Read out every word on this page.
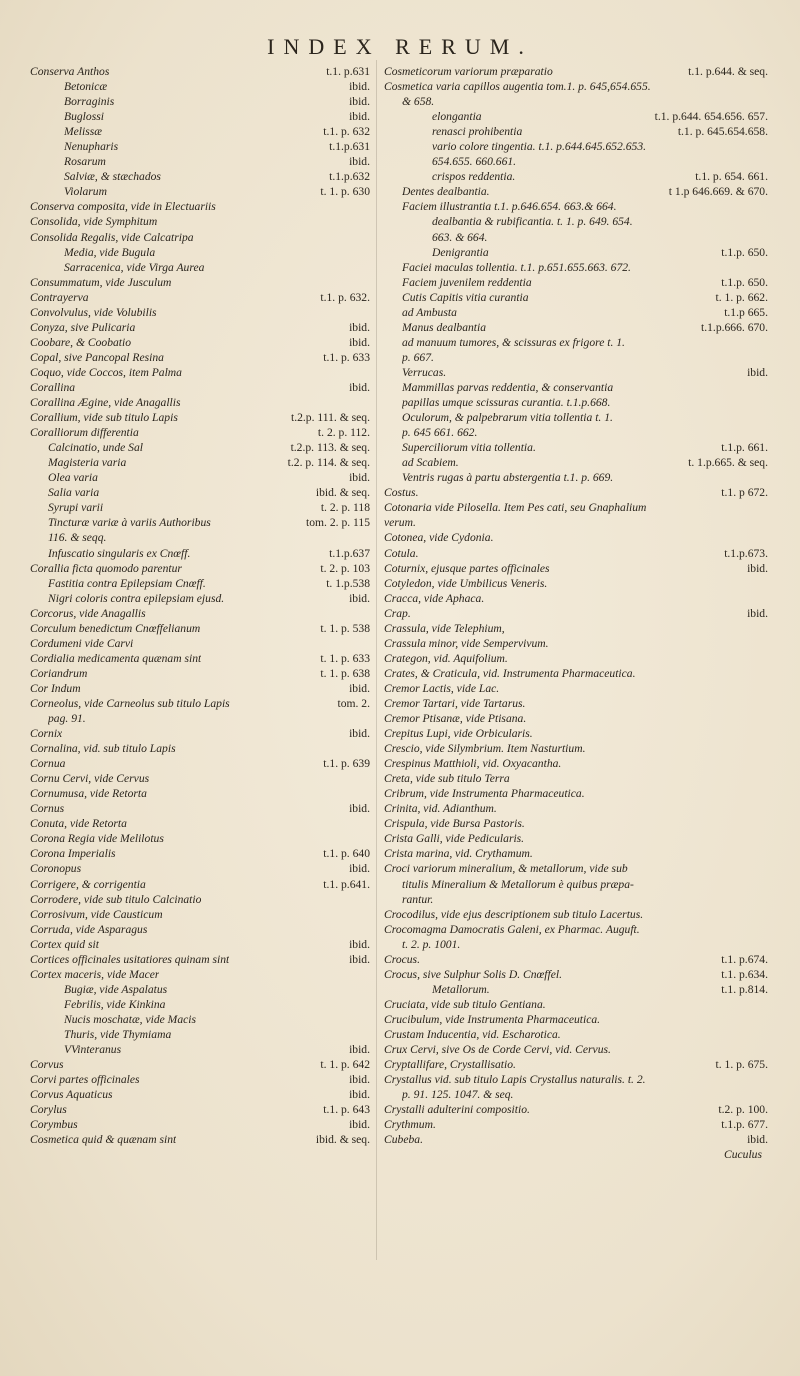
INDEX RERUM.
Conserva Anthos	t.1. p.631
Betonicæ	ibid.
Borraginis	ibid.
Buglossi	ibid.
Melissæ	t.1. p. 632
Nenupharis	t.1.p.631
Rosarum	ibid.
Salviæ, & stæchados	t.1.p.632
Violarum	t. 1. p. 630
Conserva composita, vide in Electuariis
Consolida, vide Symphitum
Consolida Regalis, vide Calcatripa
Media, vide Bugula
Sarracenica, vide Virga Aurea
Consummatum, vide Jusculum
Contrayerva	t.1. p. 632.
Convolvulus, vide Volubilis
Conyza, sive Pulicaria	ibid.
Coobare, & Coobatio	ibid.
Copal, sive Pancopal Resina	t.1. p. 633
Coquo, vide Coccos, item Palma
Corallina	ibid.
Corallina Ægine, vide Anagallis
Corallium, vide sub titulo Lapis	t.2.p. 111. & seq.
Coralliorum differentia	t. 2. p. 112.
Calcinatio, unde Sal	t.2.p. 113. & seq.
Magisteria varia	t.2. p. 114. & seq.
Olea varia	ibid.
Salia varia	ibid. & seq.
Syrupi varii	t. 2. p. 118
Tincturæ variæ à variis Authoribus	tom. 2. p. 115
116. & seqq.
Infuscatio singularis ex Cnœff.	t.1.p.637
Corallia ficta quomodo parentur	t. 2. p. 103
Fastitia contra Epilepsiam Cnœff.	t. 1.p.538
Nigri coloris contra epilepsiam ejusd.	ibid.
Corcorus, vide Anagallis
Corculum benedictum Cnœffelianum	t. 1. p. 538
Cordumeni vide Carvi
Cordialia medicamenta quænam sint	t. 1. p. 633
Coriandrum	t. 1. p. 638
Cor Indum	ibid.
Corneolus, vide Carneolus sub titulo Lapis	tom. 2.
pag. 91.
Cornix	ibid.
Cornalina, vid. sub titulo Lapis
Cornua	t.1. p. 639
Cornu Cervi, vide Cervus
Cornumusa, vide Retorta
Cornus	ibid.
Conuta, vide Retorta
Corona Regia vide Melilotus
Corona Imperialis	t.1. p. 640
Coronopus	ibid.
Corrigere, & corrigentia	t.1. p.641.
Corrodere, vide sub titulo Calcinatio
Corrosivum, vide Causticum
Corruda, vide Asparagus
Cortex quid sit	ibid.
Cortices officinales usitatiores quinam sint	ibid.
Cortex maceris, vide Macer
Bugiæ, vide Aspalatus
Febrilis, vide Kinkina
Nucis moschatæ, vide Macis
Thuris, vide Thymiama
VVinteranus	ibid.
Corvus	t. 1. p. 642
Corvi partes officinales	ibid.
Corvus Aquaticus	ibid.
Corylus	t.1. p. 643
Corymbus	ibid.
Cosmetica quid & quænam sint	ibid. & seq.
Cosmeticorum variorum præparatio	t.1. p.644. & seq.
Cosmetica varia capillos augentia tom.1. p. 645,654.655.
& 658.
elongantia	t.1. p.644. 654.656. 657.
renasci prohibentia	t.1. p. 645.654.658.
vario colore tingentia. t.1. p.644.645.652.653.
654.655. 660.661.
crispos reddentia.	t.1. p. 654. 661.
Dentes dealbantia.	t 1.p 646.669. & 670.
Faciem illustrantia t.1. p.646.654. 663.& 664.
dealbantia & rubificantia. t. 1. p. 649. 654.
663. & 664.
Denigrantia	t.1.p. 650.
Faciei maculas tollentia. t.1. p.651.655.663. 672.
Faciem juvenilem reddentia	t.1.p. 650.
Cutis Capitis vitia curantia	t. 1. p. 662.
ad Ambusta	t.1.p 665.
Manus dealbantia	t.1.p.666. 670.
ad manuum tumores, & scissuras ex frigore t. 1.
p. 667.
Verrucas.	ibid.
Mammillas parvas reddentia, & conservantia
papillas umque scissuras curantia. t.1.p.668.
Oculorum, & palpebrarum vitia tollentia t. 1.
p. 645 661. 662.
Superciliorum vitia tollentia.	t.1.p. 661.
ad Scabiem.	t. 1.p.665. & seq.
Ventris rugas à partu abstergentia t.1. p. 669.
Costus.	t.1. p 672.
Cotonaria vide Pilosella. Item Pes cati, seu Gnaphalium
verum.
Cotonea, vide Cydonia.
Cotula.	t.1.p.673.
Coturnix, ejusque partes officinales	ibid.
Cotyledon, vide Umbilicus Veneris.
Cracca, vide Aphaca.
Crap.	ibid.
Crassula, vide Telephium,
Crassula minor, vide Sempervivum.
Crategon, vid. Aquifolium.
Crates, & Craticula, vid. Instrumenta Pharmaceutica.
Cremor Lactis, vide Lac.
Cremor Tartari, vide Tartarus.
Cremor Ptisanæ, vide Ptisana.
Crepitus Lupi, vide Orbicularis.
Crescio, vide Silymbrium. Item Nasturtium.
Crespinus Matthioli, vid. Oxyacantha.
Creta, vide sub titulo Terra
Cribrum, vide Instrumenta Pharmaceutica.
Crinita, vid. Adianthum.
Crispula, vide Bursa Pastoris.
Crista Galli, vide Pedicularis.
Crista marina, vid. Crythamum.
Croci variorum mineralium, & metallorum, vide sub
titulis Mineralium & Metallorum è quibus præpa-
rantur.
Crocodilus, vide ejus descriptionem sub titulo Lacertus.
Crocomagma Damocratis Galeni, ex Pharmac. Auguft.
t. 2. p. 1001.
Crocus.	t.1. p.674.
Crocus, sive Sulphur Solis D. Cnœffel.	t.1. p.634.
Metallorum.	t.1. p.814.
Cruciata, vide sub titulo Gentiana.
Crucibulum, vide Instrumenta Pharmaceutica.
Crustam Inducentia, vid. Escharotica.
Crux Cervi, sive Os de Corde Cervi, vid. Cervus.
Cryptallifare, Crystallisatio.	t. 1. p. 675.
Crystallus vid. sub titulo Lapis Crystallus naturalis. t. 2.
p. 91. 125. 1047. & seq.
Crystalli adulterini compositio.	t.2. p. 100.
Crythmum.	t.1.p. 677.
Cubeba.	ibid.
Cuculus
